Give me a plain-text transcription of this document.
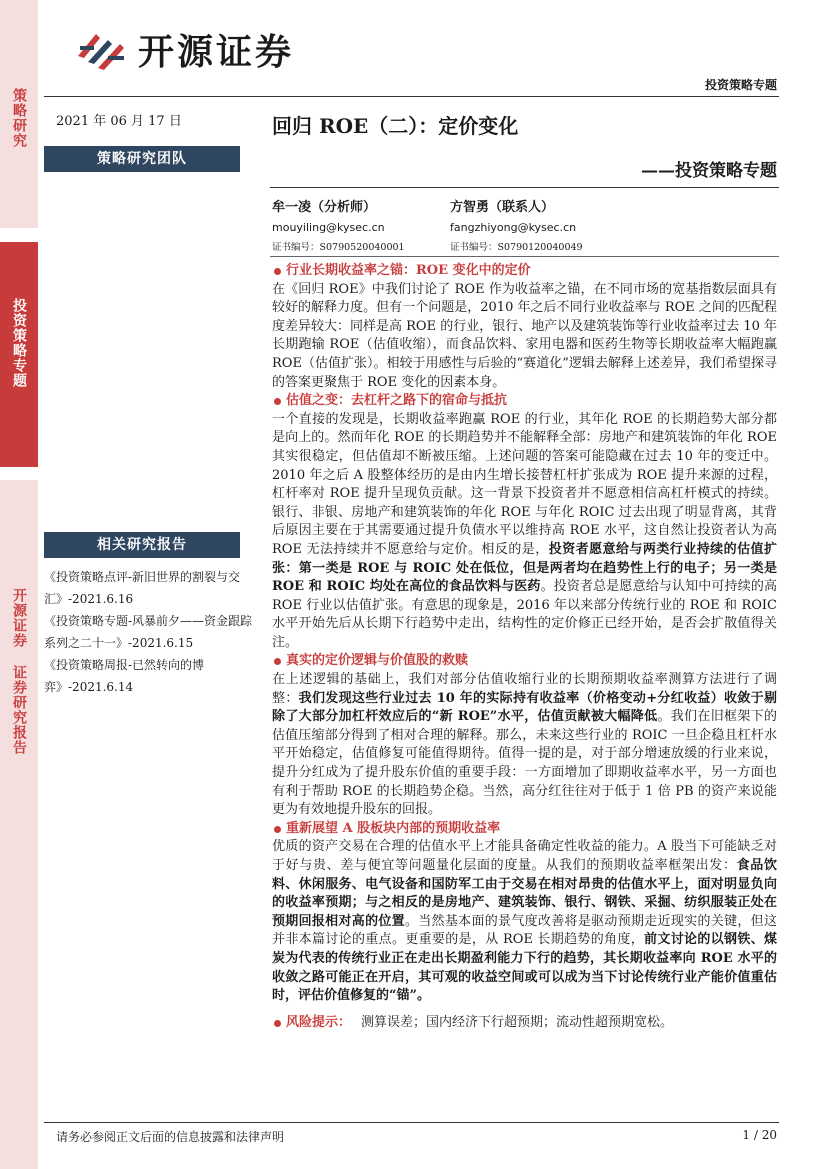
策略研究
投资策略专题
开源证券 证券研究报告
开源证券
投资策略专题
2021 年 06 月 17 日
策略研究团队
相关研究报告
《投资策略点评-新旧世界的割裂与交汇》-2021.6.16
《投资策略专题-风暴前夕——资金跟踪系列之二十一》-2021.6.15
《投资策略周报-已然转向的博弈》-2021.6.14
回归 ROE（二）：定价变化
——投资策略专题
牟一凌（分析师）
mouyiling@kysec.cn
证书编号：S0790520040001
方智勇（联系人）
fangzhiyong@kysec.cn
证书编号：S0790120040049
行业长期收益率之锚：ROE 变化中的定价
在《回归 ROE》中我们讨论了 ROE 作为收益率之锚，在不同市场的宽基指数层面具有较好的解释力度。但有一个问题是，2010 年之后不同行业收益率与 ROE 之间的匹配程度差异较大：同样是高 ROE 的行业，银行、地产以及建筑装饰等行业收益率过去 10 年长期跑输 ROE（估值收缩），而食品饮料、家用电器和医药生物等长期收益率大幅跑赢 ROE（估值扩张）。相较于用感性与后验的“赛道化”逻辑去解释上述差异，我们希望探寻的答案更聚焦于 ROE 变化的因素本身。
估值之变：去杠杆之路下的宿命与抵抗
一个直接的发现是，长期收益率跑赢 ROE 的行业，其年化 ROE 的长期趋势大部分都是向上的。然而年化 ROE 的长期趋势并不能解释全部：房地产和建筑装饰的年化 ROE 其实很稳定，但估值却不断被压缩。上述问题的答案可能隐藏在过去 10 年的变迁中。2010 年之后 A 股整体经历的是由内生增长接替杠杆扩张成为 ROE 提升来源的过程，杠杆率对 ROE 提升呈现负贡献。这一背景下投资者并不愿意相信高杠杆模式的持续。银行、非银、房地产和建筑装饰的年化 ROE 与年化 ROIC 过去出现了明显背离，其背后原因主要在于其需要通过提升负债水平以维持高 ROE 水平，这自然让投资者认为高 ROE 无法持续并不愿意给与定价。相反的是，投资者愿意给与两类行业持续的估值扩张：第一类是 ROE 与 ROIC 处在低位，但是两者均在趋势性上行的电子；另一类是 ROE 和 ROIC 均处在高位的食品饮料与医药。投资者总是愿意给与认知中可持续的高 ROE 行业以估值扩张。有意思的现象是，2016 年以来部分传统行业的 ROE 和 ROIC 水平开始先后从长期下行趋势中走出，结构性的定价修正已经开始，是否会扩散值得关注。
真实的定价逻辑与价值股的救赎
在上述逻辑的基础上，我们对部分估值收缩行业的长期预期收益率测算方法进行了调整：我们发现这些行业过去 10 年的实际持有收益率（价格变动+分红收益）收敛于剔除了大部分加杠杆效应后的“新 ROE”水平，估值贡献被大幅降低。我们在旧框架下的估值压缩部分得到了相对合理的解释。那么，未来这些行业的 ROIC 一旦企稳且杠杆水平开始稳定，估值修复可能值得期待。值得一提的是，对于部分增速放缓的行业来说，提升分红成为了提升股东价值的重要手段：一方面增加了即期收益率水平，另一方面也有利于帮助 ROE 的长期趋势企稳。当然，高分红往往对于低于 1 倍 PB 的资产来说能更为有效地提升股东的回报。
重新展望 A 股板块内部的预期收益率
优质的资产交易在合理的估值水平上才能具备确定性收益的能力。A 股当下可能缺乏对于好与贵、差与便宜等问题量化层面的度量。从我们的预期收益率框架出发：食品饮料、休闲服务、电气设备和国防军工由于交易在相对昂贵的估值水平上，面对明显负向的收益率预期；与之相反的是房地产、建筑装饰、银行、钢铁、采掘、纺织服装正处在预期回报相对高的位置。当然基本面的景气度改善将是驱动预期走近现实的关键，但这并非本篇讨论的重点。更重要的是，从 ROE 长期趋势的角度，前文讨论的以钢铁、煤炭为代表的传统行业正在走出长期盈利能力下行的趋势，其长期收益率向 ROE 水平的收敛之路可能正在开启，其可观的收益空间或可以成为当下讨论传统行业产能价值重估时，评估价值修复的“锚”。
风险提示： 测算误差；国内经济下行超预期；流动性超预期宽松。
请务必参阅正文后面的信息披露和法律声明	1 / 20
